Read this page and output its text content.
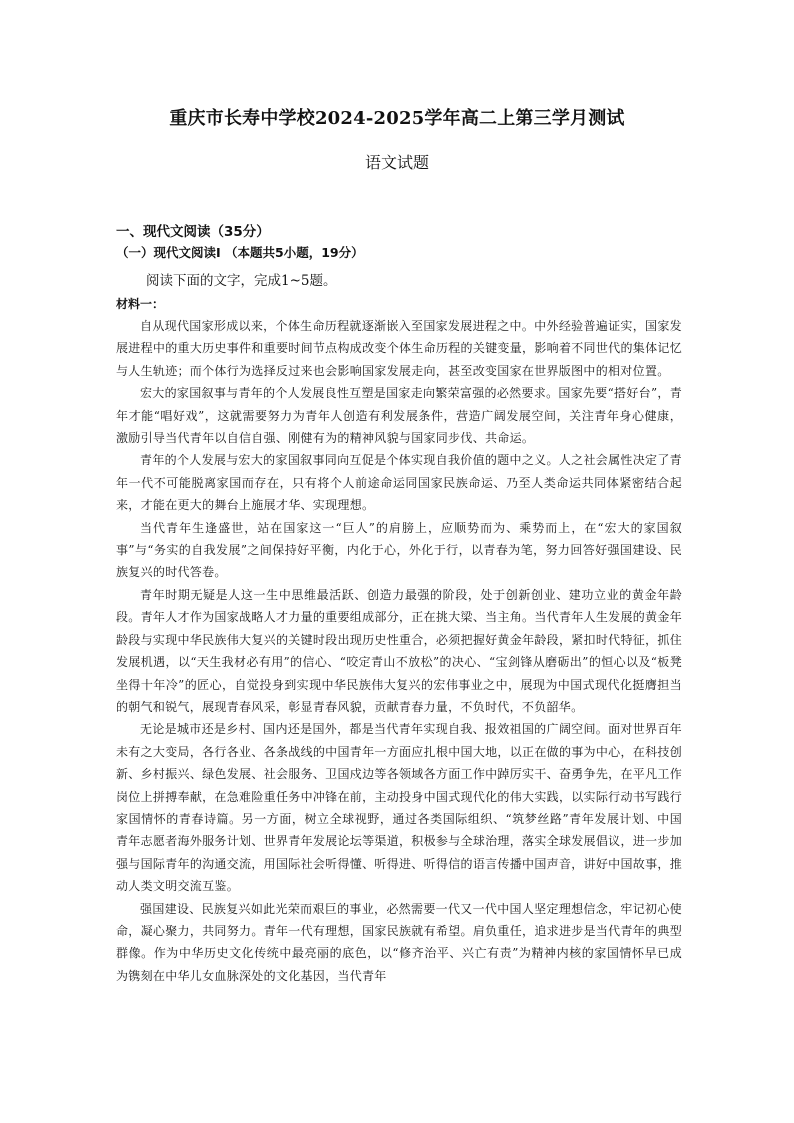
重庆市长寿中学校2024-2025学年高二上第三学月测试
语文试题
一、现代文阅读（35分）
（一）现代文阅读I （本题共5小题，19分）
阅读下面的文字，完成1~5题。
材料一：

自从现代国家形成以来，个体生命历程就逐渐嵌入至国家发展进程之中。中外经验普遍证实，国家发展进程中的重大历史事件和重要时间节点构成改变个体生命历程的关键变量，影响着不同世代的集体记忆与人生轨迹；而个体行为选择反过来也会影响国家发展走向，甚至改变国家在世界版图中的相对位置。

宏大的家国叙事与青年的个人发展良性互塑是国家走向繁荣富强的必然要求。国家先要“搭好台”，青年才能“唱好戏”，这就需要努力为青年人创造有利发展条件，营造广阔发展空间，关注青年身心健康，激励引导当代青年以自信自强、刚健有为的精神风貌与国家同步伐、共命运。

青年的个人发展与宏大的家国叙事同向互促是个体实现自我价值的题中之义。人之社会属性决定了青年一代不可能脱离家国而存在，只有将个人前途命运同国家民族命运、乃至人类命运共同体紧密结合起来，才能在更大的舞台上施展才华、实现理想。

当代青年生逢盛世，站在国家这一“巨人”的肩膀上，应顺势而为、乘势而上，在“宏大的家国叙事”与“务实的自我发展”之间保持好平衡，内化于心，外化于行，以青春为笔，努力回答好强国建设、民族复兴的时代答卷。

青年时期无疑是人这一生中思维最活跃、创造力最强的阶段，处于创新创业、建功立业的黄金年龄段。青年人才作为国家战略人才力量的重要组成部分，正在挑大梁、当主角。当代青年人生发展的黄金年龄段与实现中华民族伟大复兴的关键时段出现历史性重合，必须把握好黄金年龄段，紧扣时代特征，抓住发展机遇，以“天生我材必有用”的信心、“咬定青山不放松”的决心、“宝剑锋从磨砺出”的恒心以及“板凳坐得十年冷”的匠心，自觉投身到实现中华民族伟大复兴的宏伟事业之中，展现为中国式现代化挺膺担当的朝气和锐气，展现青春风采，彰显青春风貌，贡献青春力量，不负时代，不负韶华。

无论是城市还是乡村、国内还是国外，都是当代青年实现自我、报效祖国的广阔空间。面对世界百年未有之大变局，各行各业、各条战线的中国青年一方面应扎根中国大地，以正在做的事为中心，在科技创新、乡村振兴、绿色发展、社会服务、卫国戍边等各领域各方面工作中踔厉实干、奋勇争先，在平凡工作岗位上拼搏奉献，在急难险重任务中冲锋在前，主动投身中国式现代化的伟大实践，以实际行动书写践行家国情怀的青春诗篇。另一方面，树立全球视野，通过各类国际组织、“筑梦丝路”青年发展计划、中国青年志愿者海外服务计划、世界青年发展论坛等渠道，积极参与全球治理，落实全球发展倡议，进一步加强与国际青年的沟通交流，用国际社会听得懂、听得进、听得信的语言传播中国声音，讲好中国故事，推动人类文明交流互鉴。

强国建设、民族复兴如此光荣而艰巨的事业，必然需要一代又一代中国人坚定理想信念，牢记初心使命，凝心聚力，共同努力。青年一代有理想，国家民族就有希望。肩负重任，追求进步是当代青年的典型群像。作为中华历史文化传统中最亮丽的底色，以“修齐治平、兴亡有责”为精神内核的家国情怀早已成为镌刻在中华儿女血脉深处的文化基因，当代青年
